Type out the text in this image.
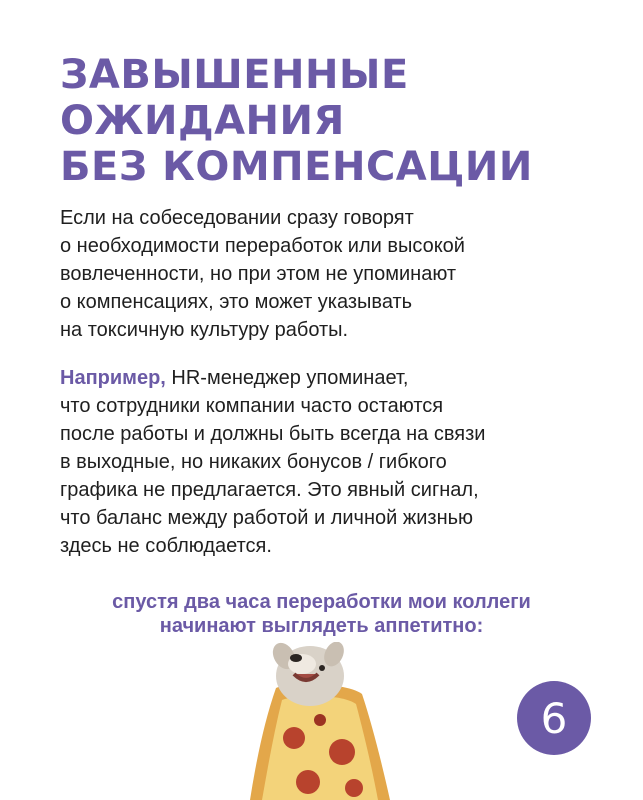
ЗАВЫШЕННЫЕ
ОЖИДАНИЯ
БЕЗ КОМПЕНСАЦИИ

Если на собеседовании сразу говорят
о необходимости переработок или высокой
вовлеченности, но при этом не упоминают
о компенсациях, это может указывать
на токсичную культуру работы.

Например, HR-менеджер упоминает,
что сотрудники компании часто остаются
после работы и должны быть всегда на связи
в выходные, но никаких бонусов / гибкого
графика не предлагается. Это явный сигнал,
что баланс между работой и личной жизнью
здесь не соблюдается.

спустя два часа переработки мои коллеги
начинают выглядеть аппетитно:

6
